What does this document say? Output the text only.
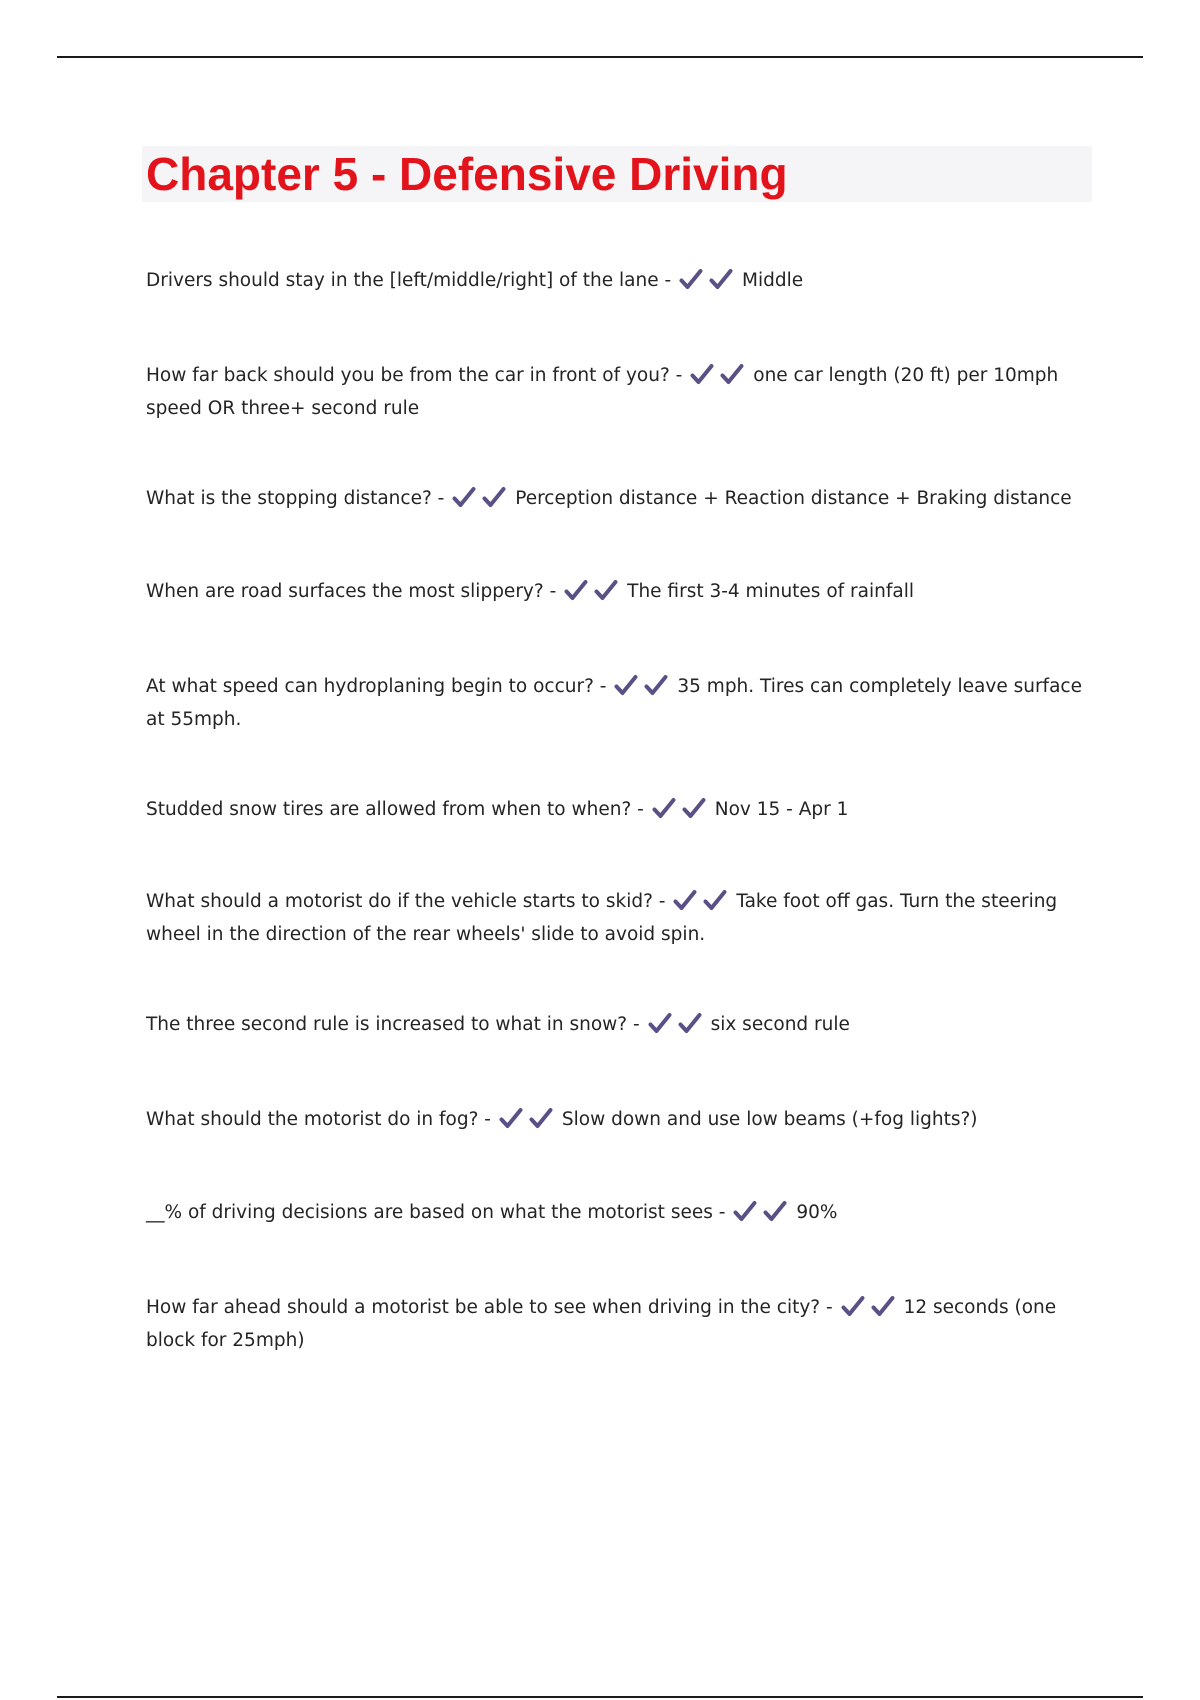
Chapter 5 - Defensive Driving

Drivers should stay in the [left/middle/right] of the lane -	Middle

How far back should you be from the car in front of you? -	one car length (20 ft) per 10mph speed OR three+ second rule

What is the stopping distance? -	Perception distance + Reaction distance + Braking distance

When are road surfaces the most slippery? -	The first 3-4 minutes of rainfall

At what speed can hydroplaning begin to occur? -	35 mph. Tires can completely leave surface at 55mph.

Studded snow tires are allowed from when to when? -	Nov 15 - Apr 1

What should a motorist do if the vehicle starts to skid? -	Take foot off gas. Turn the steering wheel in the direction of the rear wheels' slide to avoid spin.

The three second rule is increased to what in snow? -	six second rule

What should the motorist do in fog? -	Slow down and use low beams (+fog lights?)

__% of driving decisions are based on what the motorist sees -	90%

How far ahead should a motorist be able to see when driving in the city? -	12 seconds (one block for 25mph)
